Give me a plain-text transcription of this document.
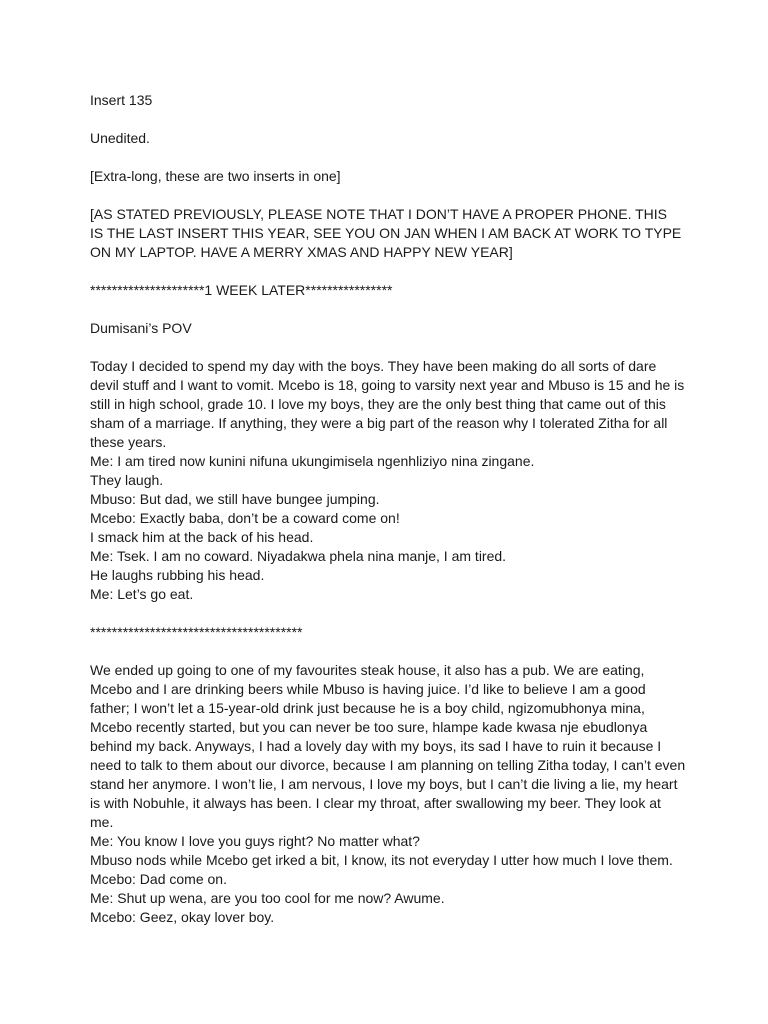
Insert 135

Unedited.

[Extra-long, these are two inserts in one]

[AS STATED PREVIOUSLY, PLEASE NOTE THAT I DON’T HAVE A PROPER PHONE. THIS
IS THE LAST INSERT THIS YEAR, SEE YOU ON JAN WHEN I AM BACK AT WORK TO TYPE
ON MY LAPTOP. HAVE A MERRY XMAS AND HAPPY NEW YEAR]

*********************1 WEEK LATER****************

Dumisani’s POV

Today I decided to spend my day with the boys. They have been making do all sorts of dare
devil stuff and I want to vomit. Mcebo is 18, going to varsity next year and Mbuso is 15 and he is
still in high school, grade 10. I love my boys, they are the only best thing that came out of this
sham of a marriage. If anything, they were a big part of the reason why I tolerated Zitha for all
these years.
Me: I am tired now kunini nifuna ukungimisela ngenhliziyo nina zingane.
They laugh.
Mbuso: But dad, we still have bungee jumping.
Mcebo: Exactly baba, don’t be a coward come on!
I smack him at the back of his head.
Me: Tsek. I am no coward. Niyadakwa phela nina manje, I am tired.
He laughs rubbing his head.
Me: Let’s go eat.

***************************************

We ended up going to one of my favourites steak house, it also has a pub. We are eating,
Mcebo and I are drinking beers while Mbuso is having juice. I’d like to believe I am a good
father; I won’t let a 15-year-old drink just because he is a boy child, ngizomubhonya mina,
Mcebo recently started, but you can never be too sure, hlampe kade kwasa nje ebudlonya
behind my back. Anyways, I had a lovely day with my boys, its sad I have to ruin it because I
need to talk to them about our divorce, because I am planning on telling Zitha today, I can’t even
stand her anymore. I won’t lie, I am nervous, I love my boys, but I can’t die living a lie, my heart
is with Nobuhle, it always has been. I clear my throat, after swallowing my beer. They look at
me.
Me: You know I love you guys right? No matter what?
Mbuso nods while Mcebo get irked a bit, I know, its not everyday I utter how much I love them.
Mcebo: Dad come on.
Me: Shut up wena, are you too cool for me now? Awume.
Mcebo: Geez, okay lover boy.
